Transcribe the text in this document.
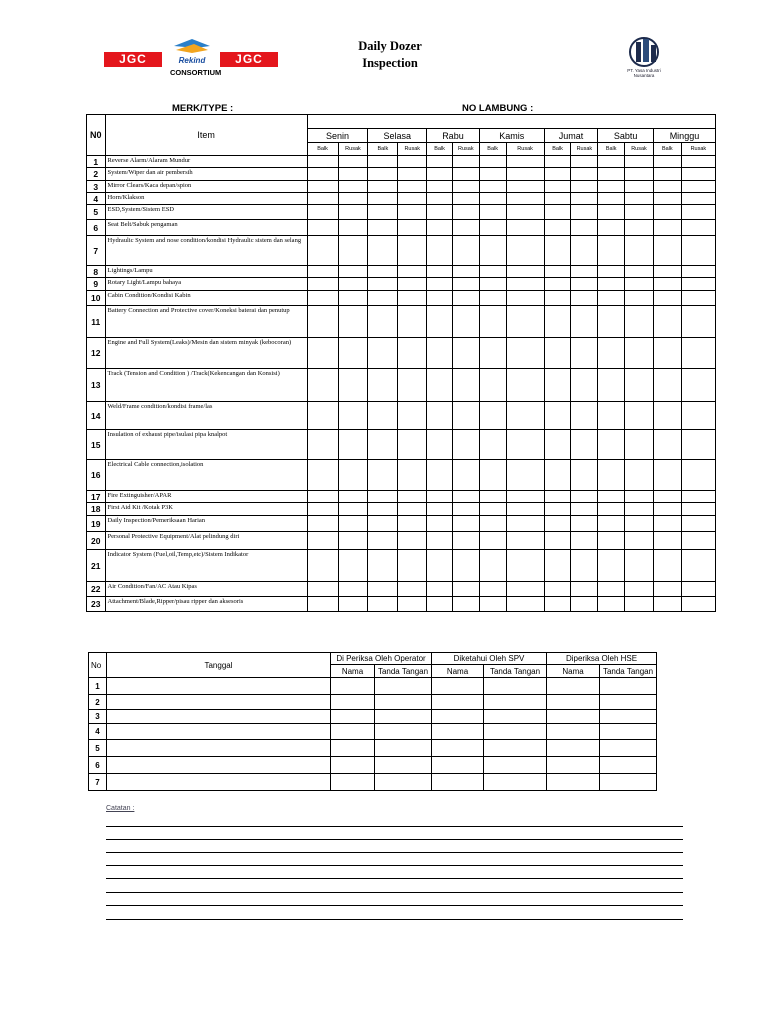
JGC	Rekind	JGC
CONSORTIUM
Daily Dozer
Inspection
PT. Yasa Industri
Nusantara
MERK/TYPE :	NO LAMBUNG :
N0	Item														
		Senin		Selasa		Rabu		Kamis		Jumat		Sabtu		Minggu	
		Balk	Rusak	Balk	Rusak	Balk	Rusak	Balk	Rusak	Balk	Rusak	Balk	Rusak	Balk	Rusak
1	Reverse Alarm/Alaram Mundur														
2	System/Wiper dan air pembersih														
3	Mirror Clears/Kaca depan/spion														
4	Horn/Klakson														
5	ESD,System/Sistem ESD														
6	Seat Belt/Sabuk pengaman														
7	Hydraulic System and nose condition/kondisi Hydraulic sistem dan selang														
8	Lightings/Lampu														
9	Rotary Light/Lampu bahaya														
10	Cabin Condition/Kondisi Kabin														
11	Battery Connection and Protective cover/Koneksi baterai dan penutup														
12	Engine and Full System(Leaks)/Mesin dan sistem minyak (kebocoran)														
13	Track (Tension and Condition ) /Track(Kekencangan dan Konsisi)														
14	Weld/Frame condition/kondisi frame/las														
15	Insulation of exhaust pipe/isulasi pipa knalpot														
16	Electrical Cable connection,isolation														
17	Fire Extinguisher/APAR														
18	First Aid Kit /Kotak P3K														
19	Daily Inspection/Pemeriksaan Harian														
20	Personal Protective Equipment/Alat pelindung diri														
21	Indicator System (Fuel,oil,Temp,etc)/Sistem Indikator														
22	Air Condition/Fan/AC Atau Kipas														
23	Attachment/Blade,Ripper/pisau ripper dan aksesoris														
No	Tanggal	Di Periksa Oleh Operator		Diketahui Oleh SPV		Diperiksa Oleh HSE	
		Nama	Tanda Tangan	Nama	Tanda Tangan	Nama	Tanda Tangan
1							
2							
3							
4							
5							
6							
7							
Catatan :
